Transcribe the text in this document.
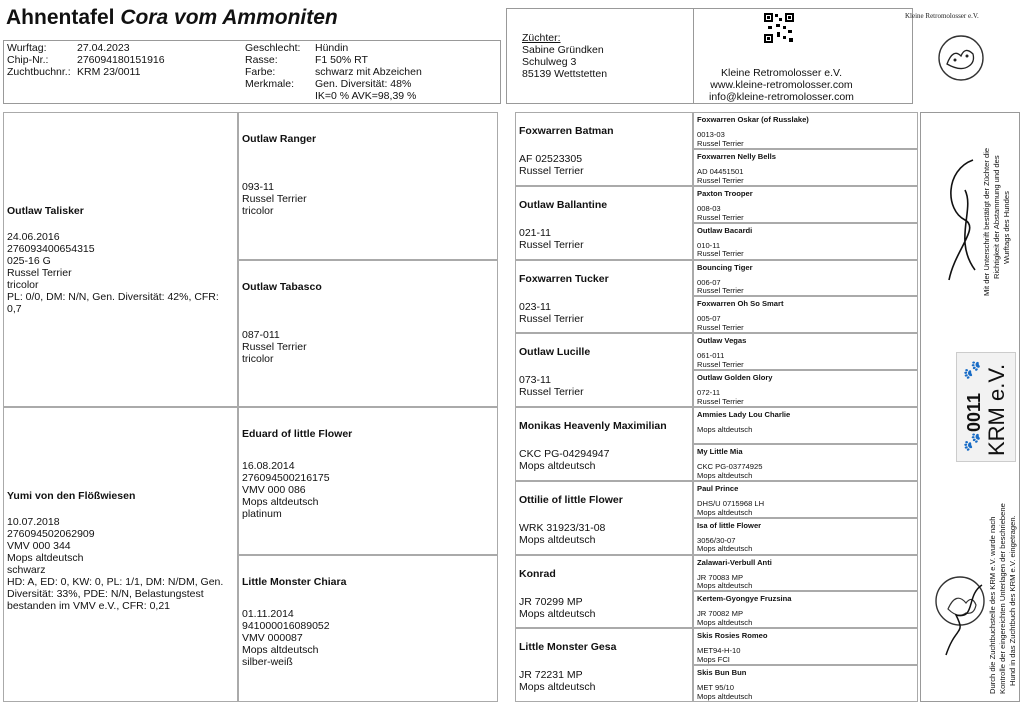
Ahnentafel Cora vom Ammoniten
Wurftag:	27.04.2023
Chip-Nr.:	276094180151916
Zuchtbuchnr.: KRM 23/0011
Geschlecht:	Hündin
Rasse:	F1 50% RT
Farbe:	schwarz mit Abzeichen
Merkmale:	Gen. Diversität: 48%
IK=0 % AVK=98,39 %
Züchter:
Sabine Gründken
Schulweg 3
85139 Wettstetten	Kleine Retromolosser e.V.
www.kleine-retromolosser.com
info@kleine-retromolosser.com
Kleine Retromolosser e.V.
Outlaw Talisker
24.06.2016
276093400654315
025-16 G
Russel Terrier
tricolor
PL: 0/0, DM: N/N, Gen. Diversität: 42%, CFR: 0,7
Yumi von den Flößwiesen
10.07.2018
276094502062909
VMV 000 344
Mops altdeutsch
schwarz
HD: A, ED: 0, KW: 0, PL: 1/1, DM: N/DM, Gen. Diversität: 33%, PDE: N/N, Belastungstest bestanden im VMV e.V., CFR: 0,21
Outlaw Ranger
093-11
Russel Terrier
tricolor
Outlaw Tabasco
087-011
Russel Terrier
tricolor
Eduard of little Flower
16.08.2014
276094500216175
VMV 000 086
Mops altdeutsch
platinum
Little Monster Chiara
01.11.2014
941000016089052
VMV 000087
Mops altdeutsch
silber-weiß
Foxwarren Batman
AF 02523305
Russel Terrier
Outlaw Ballantine
021-11
Russel Terrier
Foxwarren Tucker
023-11
Russel Terrier
Outlaw Lucille
073-11
Russel Terrier
Monikas Heavenly Maximilian
CKC PG-04294947
Mops altdeutsch
Ottilie of little Flower
WRK 31923/31-08
Mops altdeutsch
Konrad
JR 70299 MP
Mops altdeutsch
Little Monster Gesa
JR 72231 MP
Mops altdeutsch
Foxwarren Oskar (of Russlake)
0013-03
Russel Terrier
Foxwarren Nelly Bells
AD 04451501
Russel Terrier
Paxton Trooper
008-03
Russel Terrier
Outlaw Bacardi
010-11
Russel Terrier
Bouncing Tiger
006-07
Russel Terrier
Foxwarren Oh So Smart
005-07
Russel Terrier
Outlaw Vegas
061-011
Russel Terrier
Outlaw Golden Glory
072-11
Russel Terrier
Ammies Lady Lou Charlie
Mops altdeutsch
My Little Mia
CKC PG-03774925
Mops altdeutsch
Paul Prince
DHS/U 0715968 LH
Mops altdeutsch
Isa of little Flower
3056/30-07
Mops altdeutsch
Zalawari-Verbull Anti
JR 70083 MP
Mops altdeutsch
Kertem-Gyongye Fruzsina
JR 70082 MP
Mops altdeutsch
Skis Rosies Romeo
MET94-H-10
Mops FCI
Skis Bun Bun
MET 95/10
Mops altdeutsch
Mit der Unterschrift bestätigt der Züchter die Richtigkeit der Abstammung und des Wurftags des Hundes
🐾
0011
🐾 KRM e.V.
Durch die Zuchtbuchstelle des KRM e.V. wurde nach Kontrolle der eingereichten Unterlagen der beschriebene Hund in das Zuchtbuch des KRM e.V. eingetragen.
